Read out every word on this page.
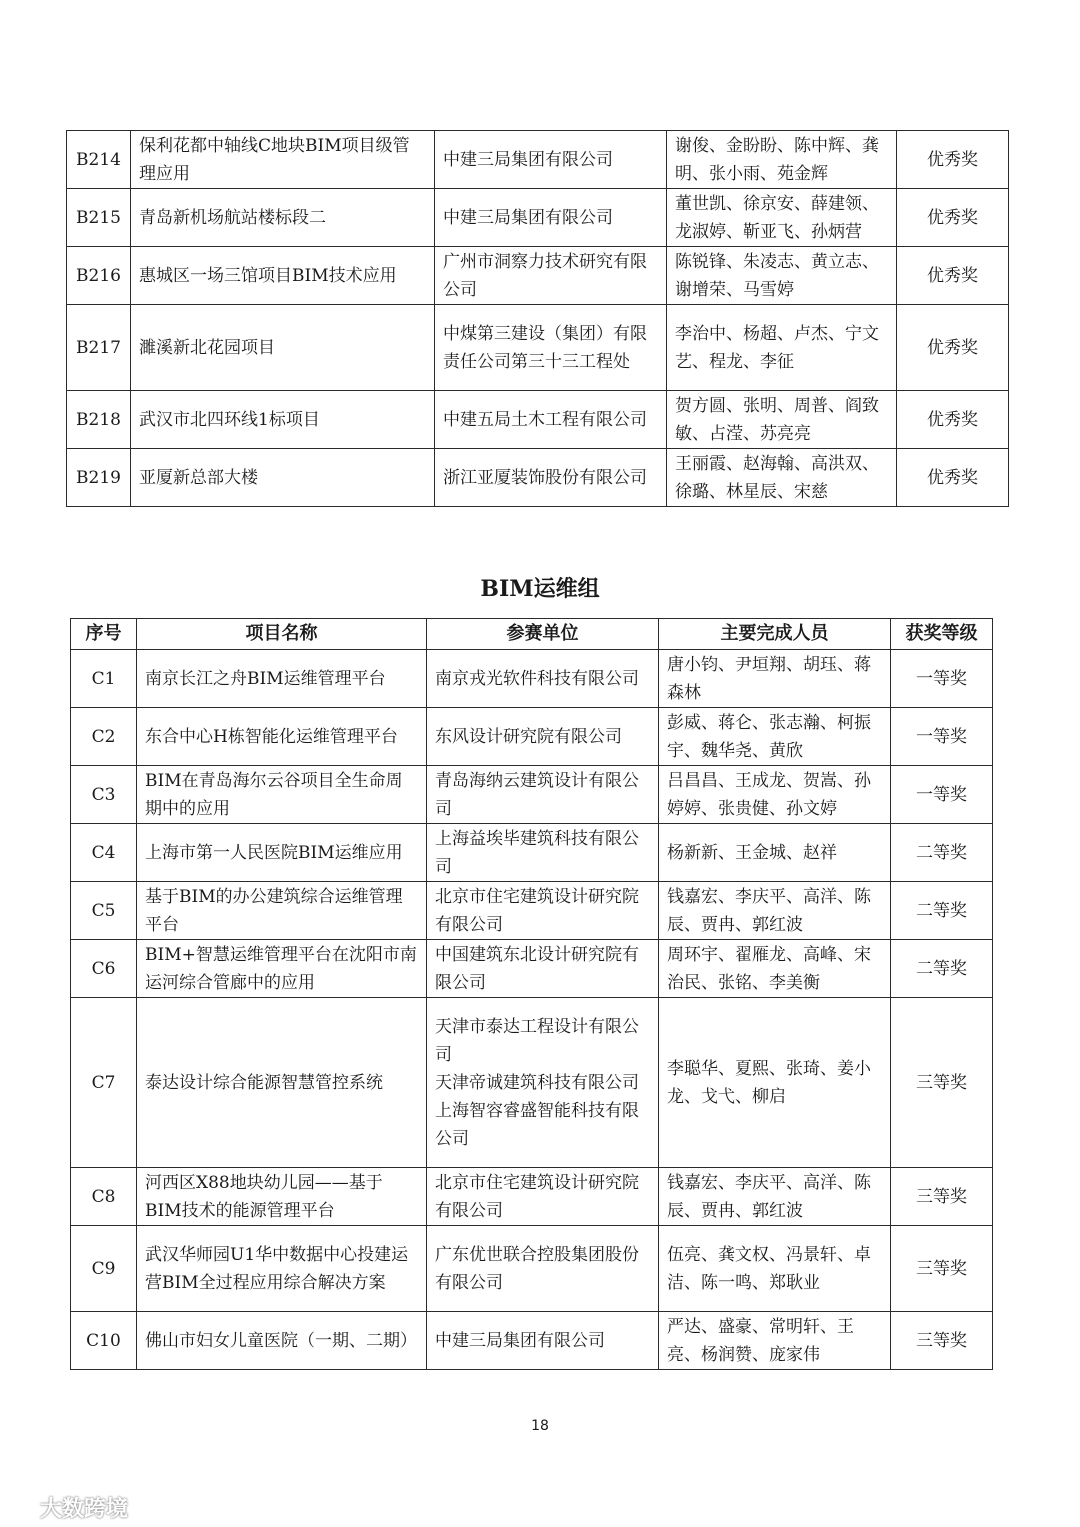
B214	保利花都中轴线C地块BIM项目级管理应用	中建三局集团有限公司	谢俊、金盼盼、陈中辉、龚明、张小雨、苑金辉	优秀奖
B215	青岛新机场航站楼标段二	中建三局集团有限公司	董世凯、徐京安、薛建领、龙淑婷、靳亚飞、孙炳营	优秀奖
B216	惠城区一场三馆项目BIM技术应用	广州市洞察力技术研究有限公司	陈锐锋、朱凌志、黄立志、谢增荣、马雪婷	优秀奖
B217	濉溪新北花园项目	中煤第三建设（集团）有限责任公司第三十三工程处	李治中、杨超、卢杰、宁文艺、程龙、李征	优秀奖
B218	武汉市北四环线1标项目	中建五局土木工程有限公司	贺方圆、张明、周普、阎致敏、占滢、苏亮亮	优秀奖
B219	亚厦新总部大楼	浙江亚厦装饰股份有限公司	王丽霞、赵海翰、高洪双、徐璐、林星辰、宋慈	优秀奖
BIM运维组
序号	项目名称	参赛单位	主要完成人员	获奖等级
C1	南京长江之舟BIM运维管理平台	南京戎光软件科技有限公司	唐小钧、尹垣翔、胡珏、蒋森林	一等奖
C2	东合中心H栋智能化运维管理平台	东风设计研究院有限公司	彭威、蒋仑、张志瀚、柯振宇、魏华尧、黄欣	一等奖
C3	BIM在青岛海尔云谷项目全生命周期中的应用	青岛海纳云建筑设计有限公司	吕昌昌、王成龙、贺嵩、孙婷婷、张贵健、孙文婷	一等奖
C4	上海市第一人民医院BIM运维应用	上海益埃毕建筑科技有限公司	杨新新、王金城、赵祥	二等奖
C5	基于BIM的办公建筑综合运维管理平台	北京市住宅建筑设计研究院有限公司	钱嘉宏、李庆平、高洋、陈辰、贾冉、郭红波	二等奖
C6	BIM+智慧运维管理平台在沈阳市南运河综合管廊中的应用	中国建筑东北设计研究院有限公司	周环宇、翟雁龙、高峰、宋治民、张铭、李美衡	二等奖
C7	泰达设计综合能源智慧管控系统	天津市泰达工程设计有限公司
天津帝诚建筑科技有限公司
上海智容睿盛智能科技有限公司	李聪华、夏熙、张琦、姜小龙、戈弋、柳启	三等奖
C8	河西区X88地块幼儿园——基于BIM技术的能源管理平台	北京市住宅建筑设计研究院有限公司	钱嘉宏、李庆平、高洋、陈辰、贾冉、郭红波	三等奖
C9	武汉华师园U1华中数据中心投建运营BIM全过程应用综合解决方案	广东优世联合控股集团股份有限公司	伍亮、龚文权、冯景轩、卓洁、陈一鸣、郑耿业	三等奖
C10	佛山市妇女儿童医院（一期、二期）	中建三局集团有限公司	严达、盛豪、常明轩、王亮、杨润赞、庞家伟	三等奖
18
大数跨境
